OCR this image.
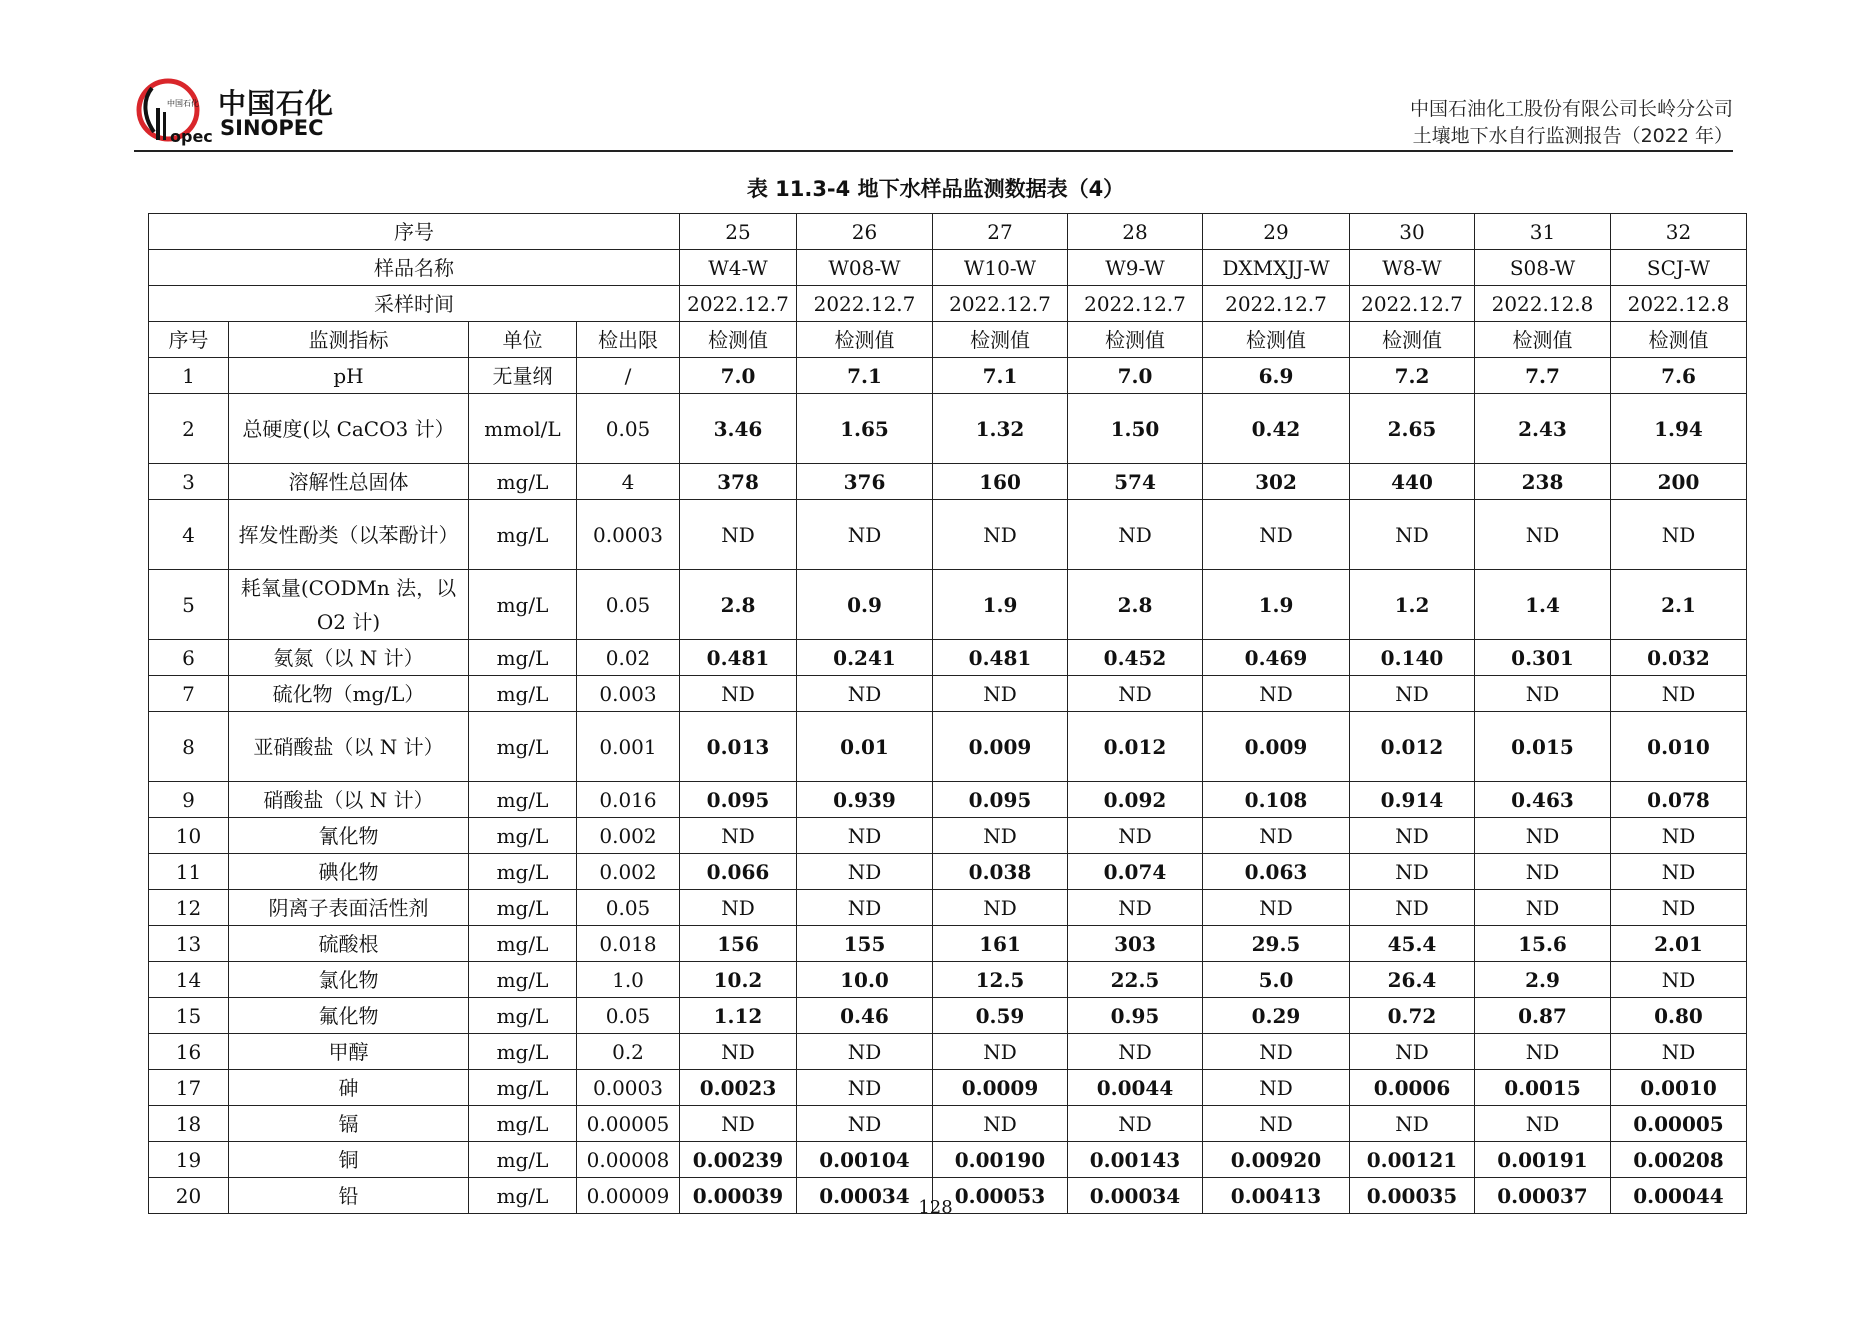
opec
中国石化 中国石化
SINOPEC
中国石油化工股份有限公司长岭分公司
土壤地下水自行监测报告（2022 年）
表 11.3-4 地下水样品监测数据表（4）
序号				25	26	27	28	29	30	31	32
样品名称				W4-W	W08-W	W10-W	W9-W	DXMXJJ-W	W8-W	S08-W	SCJ-W
采样时间				2022.12.7	2022.12.7	2022.12.7	2022.12.7	2022.12.7	2022.12.7	2022.12.8	2022.12.8
序号	监测指标	单位	检出限	检测值	检测值	检测值	检测值	检测值	检测值	检测值	检测值
1	pH	无量纲	/	7.0	7.1	7.1	7.0	6.9	7.2	7.7	7.6
2	总硬度(以 CaCO3 计）	mmol/L	0.05	3.46	1.65	1.32	1.50	0.42	2.65	2.43	1.94
3	溶解性总固体	mg/L	4	378	376	160	574	302	440	238	200
4	挥发性酚类（以苯酚计）	mg/L	0.0003	ND	ND	ND	ND	ND	ND	ND	ND
5	耗氧量(CODMn 法，以 O2 计)	mg/L	0.05	2.8	0.9	1.9	2.8	1.9	1.2	1.4	2.1
6	氨氮（以 N 计）	mg/L	0.02	0.481	0.241	0.481	0.452	0.469	0.140	0.301	0.032
7	硫化物（mg/L）	mg/L	0.003	ND	ND	ND	ND	ND	ND	ND	ND
8	亚硝酸盐（以 N 计）	mg/L	0.001	0.013	0.01	0.009	0.012	0.009	0.012	0.015	0.010
9	硝酸盐（以 N 计）	mg/L	0.016	0.095	0.939	0.095	0.092	0.108	0.914	0.463	0.078
10	氰化物	mg/L	0.002	ND	ND	ND	ND	ND	ND	ND	ND
11	碘化物	mg/L	0.002	0.066	ND	0.038	0.074	0.063	ND	ND	ND
12	阴离子表面活性剂	mg/L	0.05	ND	ND	ND	ND	ND	ND	ND	ND
13	硫酸根	mg/L	0.018	156	155	161	303	29.5	45.4	15.6	2.01
14	氯化物	mg/L	1.0	10.2	10.0	12.5	22.5	5.0	26.4	2.9	ND
15	氟化物	mg/L	0.05	1.12	0.46	0.59	0.95	0.29	0.72	0.87	0.80
16	甲醇	mg/L	0.2	ND	ND	ND	ND	ND	ND	ND	ND
17	砷	mg/L	0.0003	0.0023	ND	0.0009	0.0044	ND	0.0006	0.0015	0.0010
18	镉	mg/L	0.00005	ND	ND	ND	ND	ND	ND	ND	0.00005
19	铜	mg/L	0.00008	0.00239	0.00104	0.00190	0.00143	0.00920	0.00121	0.00191	0.00208
20	铅	mg/L	0.00009	0.00039	0.00034	0.00053	0.00034	0.00413	0.00035	0.00037	0.00044
128
